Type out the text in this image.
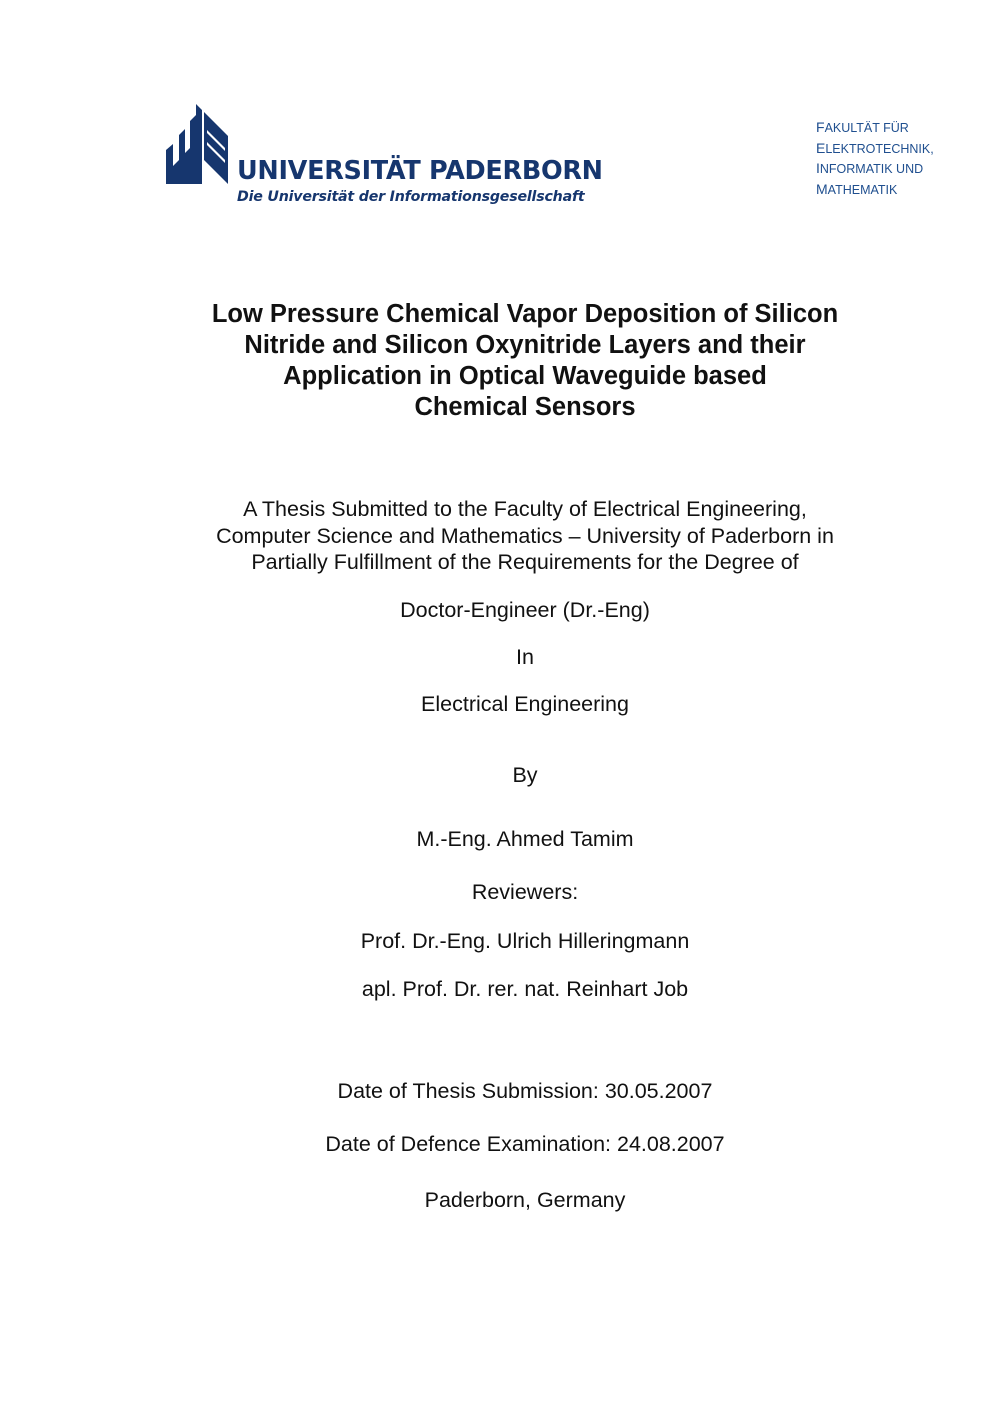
UNIVERSITÄT PADERBORN
Die Universität der Informationsgesellschaft
FAKULTÄT FÜR
ELEKTROTECHNIK,
INFORMATIK UND
MATHEMATIK
Low Pressure Chemical Vapor Deposition of Silicon
Nitride and Silicon Oxynitride Layers and their
Application in Optical Waveguide based
Chemical Sensors
A Thesis Submitted to the Faculty of Electrical Engineering,
Computer Science and Mathematics – University of Paderborn in
Partially Fulfillment of the Requirements for the Degree of
Doctor-Engineer (Dr.-Eng)
In
Electrical Engineering
By
M.-Eng. Ahmed Tamim
Reviewers:
Prof. Dr.-Eng. Ulrich Hilleringmann
apl. Prof. Dr. rer. nat. Reinhart Job
Date of Thesis Submission: 30.05.2007
Date of Defence Examination: 24.08.2007
Paderborn, Germany
